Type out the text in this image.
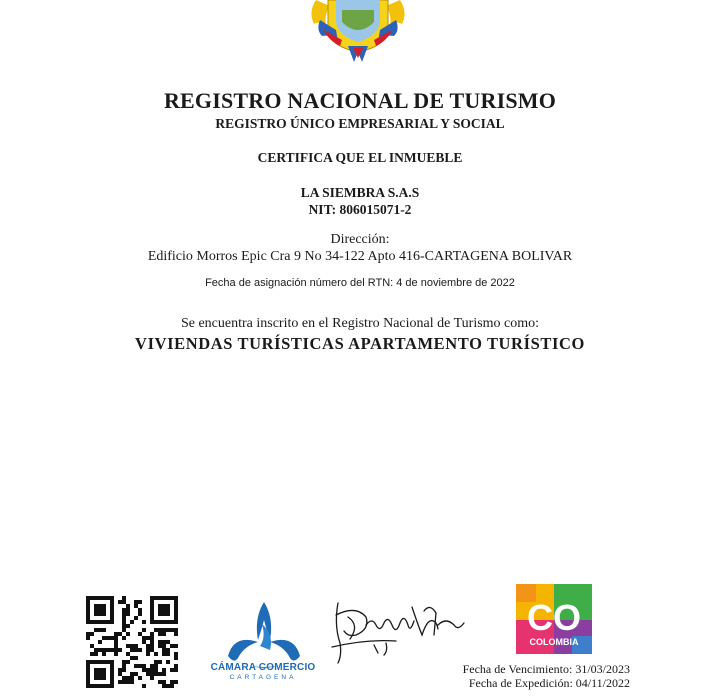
REGISTRO NACIONAL DE TURISMO
REGISTRO ÚNICO EMPRESARIAL Y SOCIAL
CERTIFICA QUE EL INMUEBLE
LA SIEMBRA S.A.S
NIT: 806015071-2
Dirección:
Edificio Morros Epic Cra 9 No 34-122 Apto 416-CARTAGENA BOLIVAR
Fecha de asignación número del RTN: 4 de noviembre de 2022
Se encuentra inscrito en el Registro Nacional de Turismo como:
VIVIENDAS TURÍSTICAS APARTAMENTO TURÍSTICO
CÁMARA COMERCIO
CARTAGENA
CO
COLOMBIA
Fecha de Vencimiento: 31/03/2023
Fecha de Expedición: 04/11/2022
